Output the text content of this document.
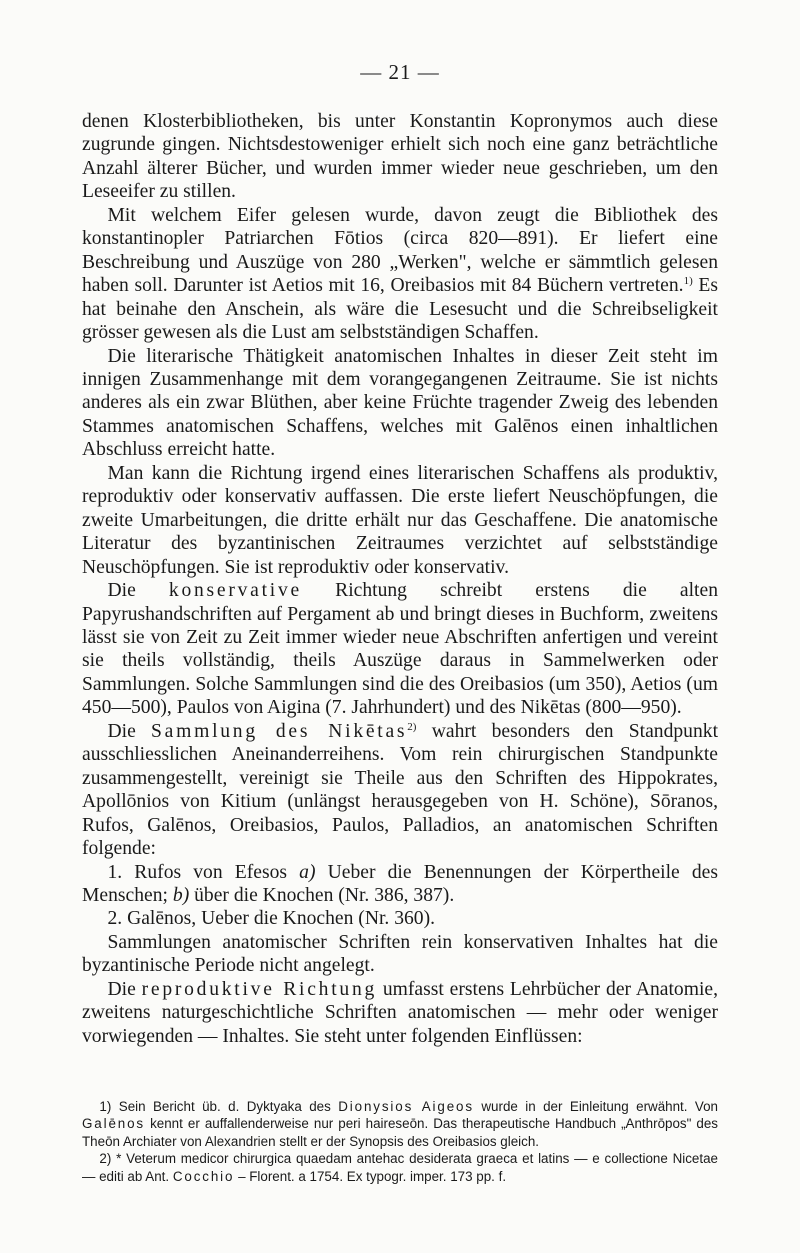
— 21 —

denen Klosterbibliotheken, bis unter Konstantin Kopronymos auch diese zugrunde gingen. Nichtsdestoweniger erhielt sich noch eine ganz beträchtliche Anzahl älterer Bücher, und wurden immer wieder neue geschrieben, um den Leseeifer zu stillen.

Mit welchem Eifer gelesen wurde, davon zeugt die Bibliothek des konstantinopler Patriarchen Fōtios (circa 820—891). Er liefert eine Beschreibung und Auszüge von 280 „Werken", welche er sämmtlich gelesen haben soll. Darunter ist Aetios mit 16, Oreibasios mit 84 Büchern vertreten.$^{1)}$ Es hat beinahe den Anschein, als wäre die Lesesucht und die Schreibseligkeit grösser gewesen als die Lust am selbstständigen Schaffen.

Die literarische Thätigkeit anatomischen Inhaltes in dieser Zeit steht im innigen Zusammenhange mit dem vorangegangenen Zeitraume. Sie ist nichts anderes als ein zwar Blüthen, aber keine Früchte tragender Zweig des lebenden Stammes anatomischen Schaffens, welches mit Galēnos einen inhaltlichen Abschluss erreicht hatte.

Man kann die Richtung irgend eines literarischen Schaffens als produktiv, reproduktiv oder konservativ auffassen. Die erste liefert Neuschöpfungen, die zweite Umarbeitungen, die dritte erhält nur das Geschaffene. Die anatomische Literatur des byzantinischen Zeitraumes verzichtet auf selbstständige Neuschöpfungen. Sie ist reproduktiv oder konservativ.

Die konservative Richtung schreibt erstens die alten Papyrushandschriften auf Pergament ab und bringt dieses in Buchform, zweitens lässt sie von Zeit zu Zeit immer wieder neue Abschriften anfertigen und vereint sie theils vollständig, theils Auszüge daraus in Sammelwerken oder Sammlungen. Solche Sammlungen sind die des Oreibasios (um 350), Aetios (um 450—500), Paulos von Aigina (7. Jahrhundert) und des Nikētas (800—950).

Die Sammlung des Nikētas$^{2)}$ wahrt besonders den Standpunkt ausschliesslichen Aneinanderreihens. Vom rein chirurgischen Standpunkte zusammengestellt, vereinigt sie Theile aus den Schriften des Hippokrates, Apollōnios von Kitium (unlängst herausgegeben von H. Schöne), Sōranos, Rufos, Galēnos, Oreibasios, Paulos, Palladios, an anatomischen Schriften folgende:

1. Rufos von Efesos a) Ueber die Benennungen der Körpertheile des Menschen; b) über die Knochen (Nr. 386, 387).

2. Galēnos, Ueber die Knochen (Nr. 360).

Sammlungen anatomischer Schriften rein konservativen Inhaltes hat die byzantinische Periode nicht angelegt.

Die reproduktive Richtung umfasst erstens Lehrbücher der Anatomie, zweitens naturgeschichtliche Schriften anatomischen — mehr oder weniger vorwiegenden — Inhaltes. Sie steht unter folgenden Einflüssen:

1) Sein Bericht üb. d. Dyktyaka des Dionysios Aigeos wurde in der Einleitung erwähnt. Von Galēnos kennt er auffallenderweise nur peri haireseōn. Das therapeutische Handbuch „Anthrōpos" des Theōn Archiater von Alexandrien stellt er der Synopsis des Oreibasios gleich.

2) * Veterum medicor chirurgica quaedam antehac desiderata graeca et latins — e collectione Nicetae — editi ab Ant. Cocchio – Florent. a 1754. Ex typogr. imper. 173 pp. f.
